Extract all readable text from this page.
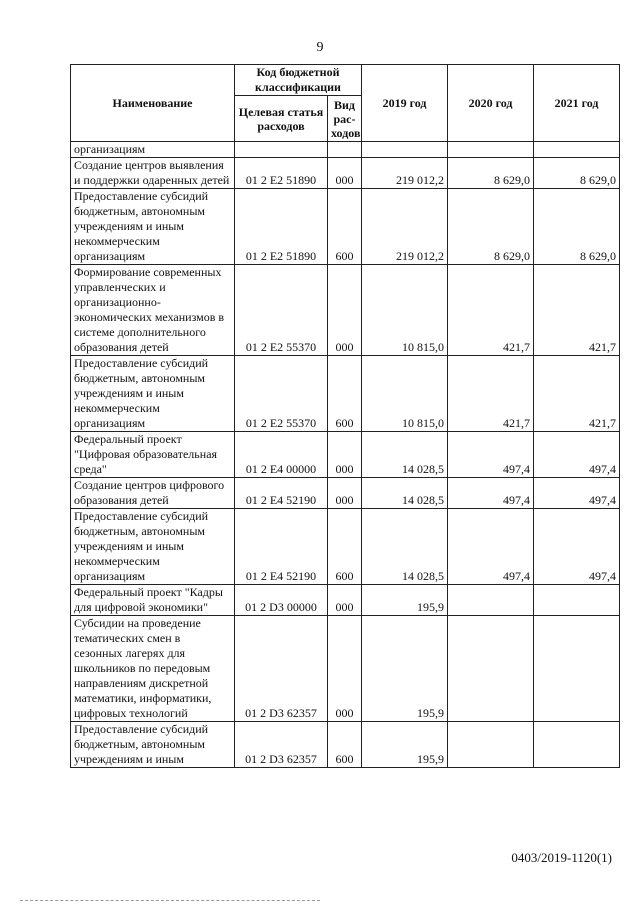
9
Наименование	Код бюджетной классификации		2019 год	2020 год	2021 год
	Целевая статья расходов	Вид рас-ходов			
организациям					
Создание центров выявления и поддержки одаренных детей	01 2 E2 51890	000	219 012,2	8 629,0	8 629,0
Предоставление субсидий бюджетным, автономным учреждениям и иным некоммерческим организациям	01 2 E2 51890	600	219 012,2	8 629,0	8 629,0
Формирование современных управленческих и организационно-экономических механизмов в системе дополнительного образования детей	01 2 E2 55370	000	10 815,0	421,7	421,7
Предоставление субсидий бюджетным, автономным учреждениям и иным некоммерческим организациям	01 2 E2 55370	600	10 815,0	421,7	421,7
Федеральный проект "Цифровая образовательная среда"	01 2 E4 00000	000	14 028,5	497,4	497,4
Создание центров цифрового образования детей	01 2 E4 52190	000	14 028,5	497,4	497,4
Предоставление субсидий бюджетным, автономным учреждениям и иным некоммерческим организациям	01 2 E4 52190	600	14 028,5	497,4	497,4
Федеральный проект "Кадры для цифровой экономики"	01 2 D3 00000	000	195,9		
Субсидии на проведение тематических смен в сезонных лагерях для школьников по передовым направлениям дискретной математики, информатики, цифровых технологий	01 2 D3 62357	000	195,9		
Предоставление субсидий бюджетным, автономным учреждениям и иным	01 2 D3 62357	600	195,9		
0403/2019-1120(1)
